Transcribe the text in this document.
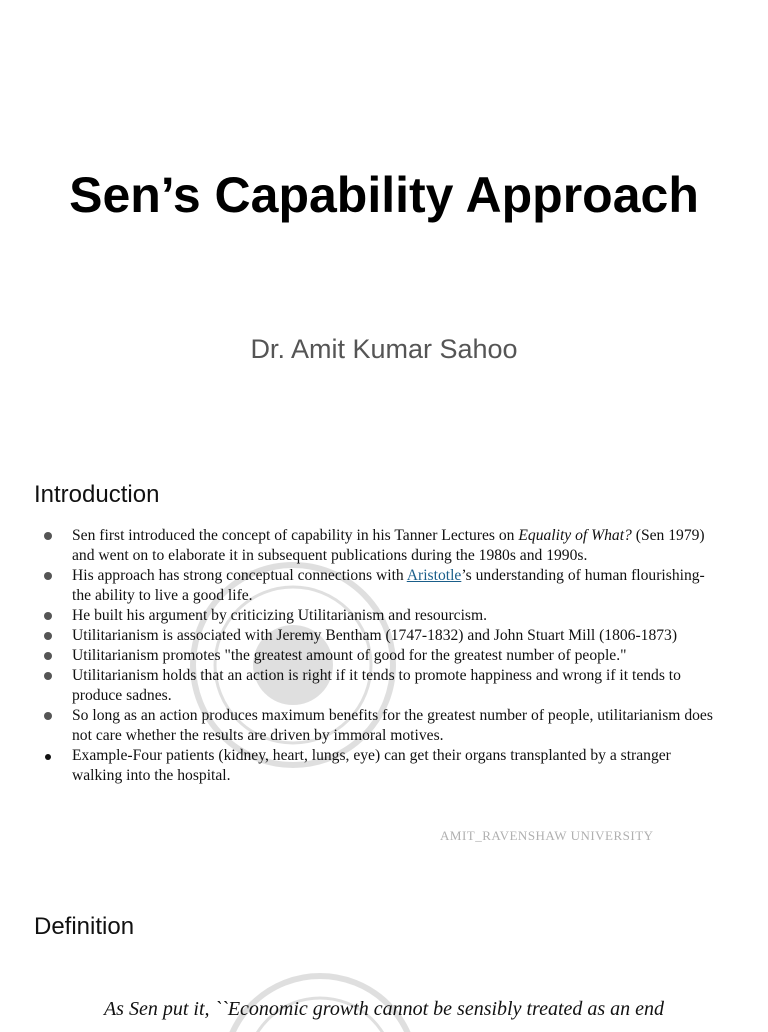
Sen’s Capability Approach

Dr. Amit Kumar Sahoo

Introduction
Sen first introduced the concept of capability in his Tanner Lectures on Equality of What? (Sen 1979) and went on to elaborate it in subsequent publications during the 1980s and 1990s.
His approach has strong conceptual connections with Aristotle’s understanding of human flourishing-the ability to live a good life.
He built his argument by criticizing Utilitarianism and resourcism.
Utilitarianism is associated with Jeremy Bentham (1747-1832) and John Stuart Mill (1806-1873)
Utilitarianism promotes "the greatest amount of good for the greatest number of people."
Utilitarianism holds that an action is right if it tends to promote happiness and wrong if it tends to produce sadnes.
So long as an action produces maximum benefits for the greatest number of people, utilitarianism does not care whether the results are driven by immoral motives.
Example-Four patients (kidney, heart, lungs, eye) can get their organs transplanted by a stranger walking into the hospital.
AMIT_RAVENSHAW UNIVERSITY
Definition

As Sen put it, ``Economic growth cannot be sensibly treated as an end
